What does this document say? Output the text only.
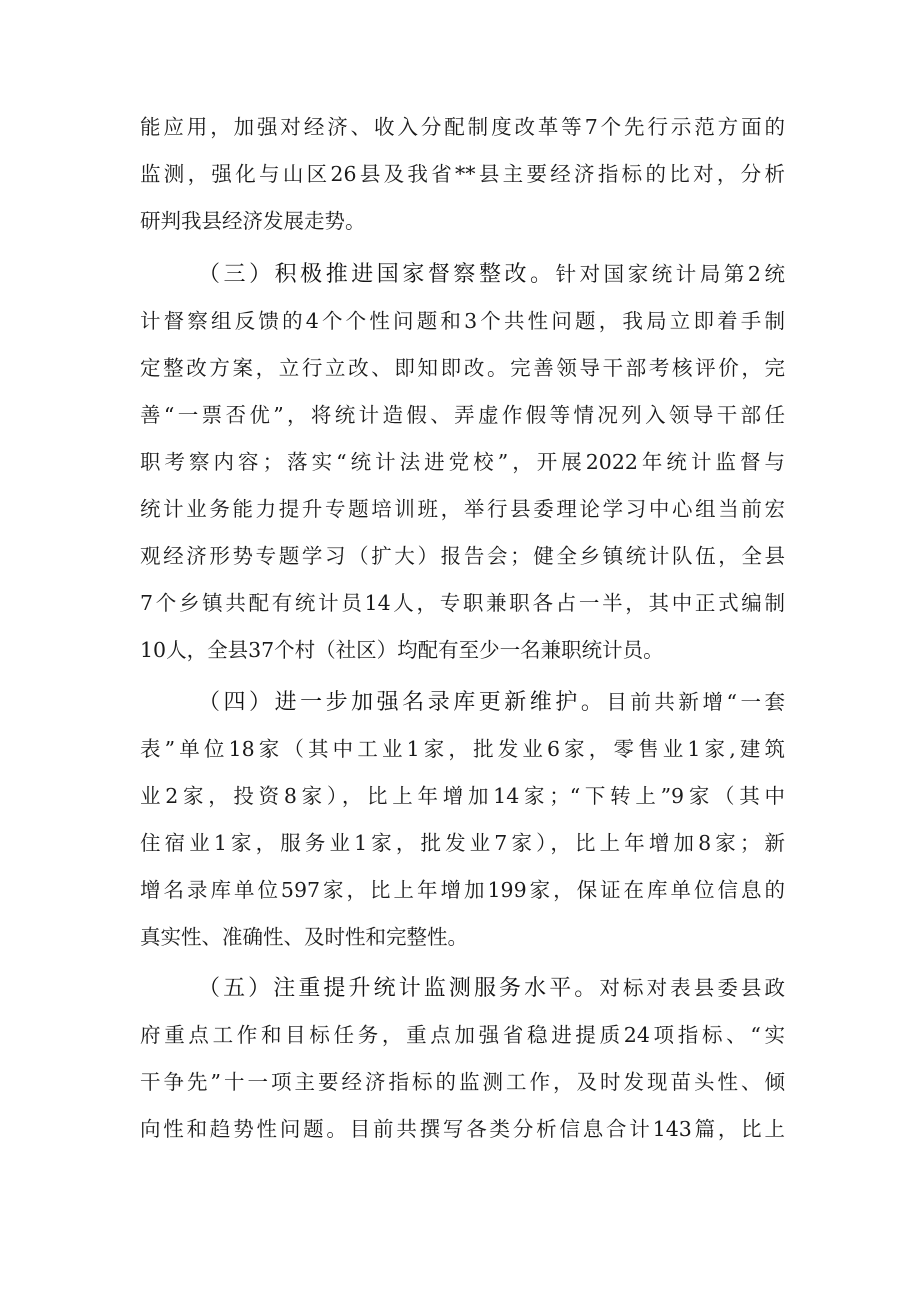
能应用，加强对经济、收入分配制度改革等7个先行示范方面的
监测，强化与山区26县及我省**县主要经济指标的比对，分析
研判我县经济发展走势。
（三）积极推进国家督察整改。针对国家统计局第2统
计督察组反馈的4个个性问题和3个共性问题，我局立即着手制
定整改方案，立行立改、即知即改。完善领导干部考核评价，完
善“一票否优”，将统计造假、弄虚作假等情况列入领导干部任
职考察内容；落实“统计法进党校”，开展2022年统计监督与
统计业务能力提升专题培训班，举行县委理论学习中心组当前宏
观经济形势专题学习（扩大）报告会；健全乡镇统计队伍，全县
7个乡镇共配有统计员14人，专职兼职各占一半，其中正式编制
10人，全县37个村（社区）均配有至少一名兼职统计员。
（四）进一步加强名录库更新维护。目前共新增“一套
表”单位18家（其中工业1家，批发业6家，零售业1家,建筑
业2家，投资8家），比上年增加14家；“下转上”9家（其中
住宿业1家，服务业1家，批发业7家），比上年增加8家；新
增名录库单位597家，比上年增加199家，保证在库单位信息的
真实性、准确性、及时性和完整性。
（五）注重提升统计监测服务水平。对标对表县委县政
府重点工作和目标任务，重点加强省稳进提质24项指标、“实
干争先”十一项主要经济指标的监测工作，及时发现苗头性、倾
向性和趋势性问题。目前共撰写各类分析信息合计143篇，比上
